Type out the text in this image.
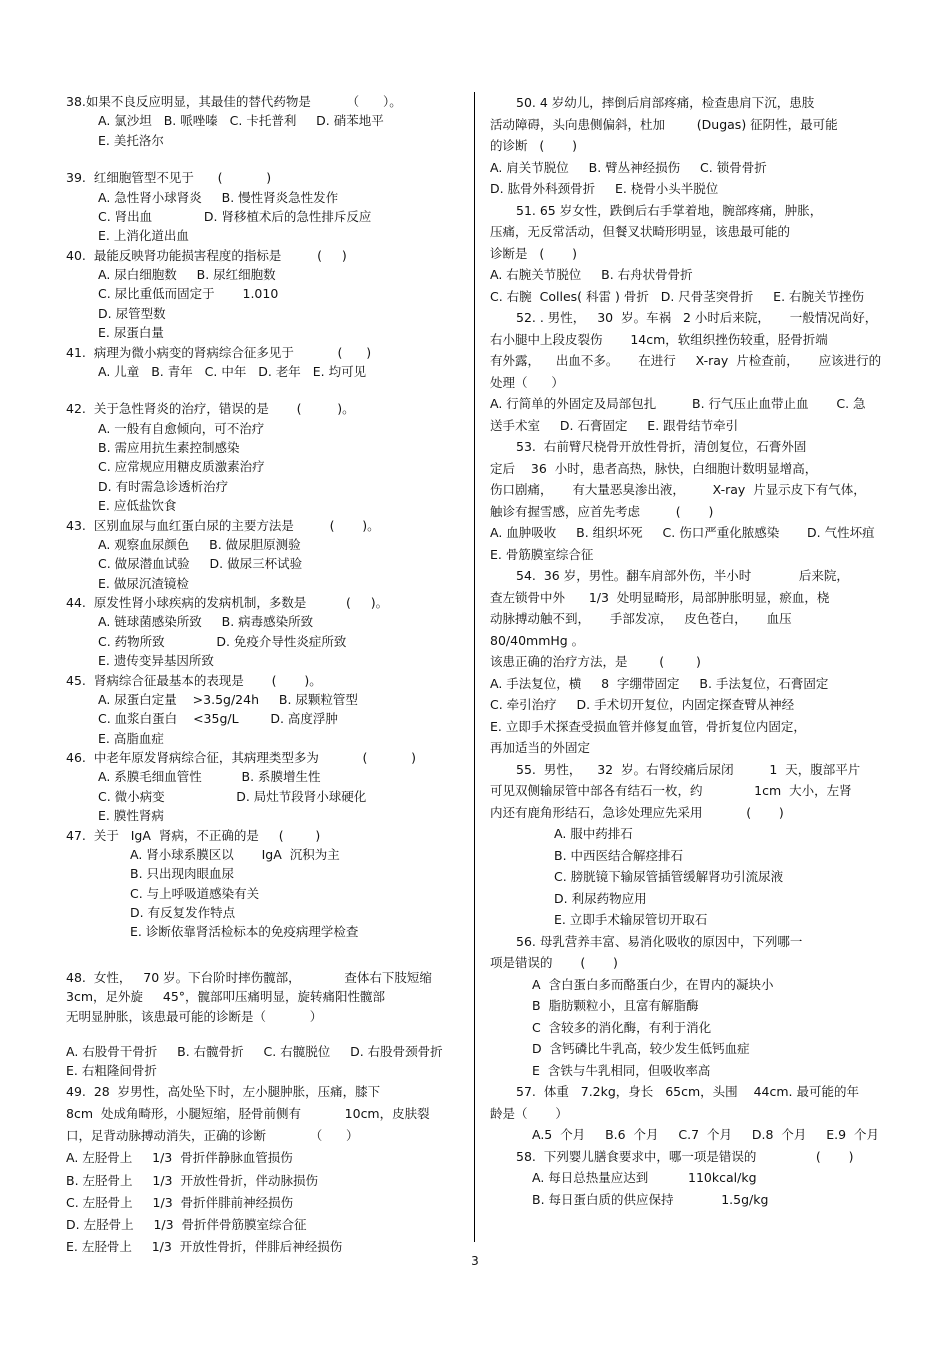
38.如果不良反应明显，其最佳的替代药物是         （      ）。
A. 氯沙坦   B. 哌唑嗪   C. 卡托普利     D. 硝苯地平
E. 美托洛尔
39.  红细胞管型不见于      (           )
A. 急性肾小球肾炎     B. 慢性肾炎急性发作
C. 肾出血             D. 肾移植术后的急性排斥反应
E. 上消化道出血
40.  最能反映肾功能损害程度的指标是         (     )
A. 尿白细胞数     B. 尿红细胞数
C. 尿比重低而固定于       1.010
D. 尿管型数
E. 尿蛋白量
41.  病理为微小病变的肾病综合征多见于           (      )
A. 儿童   B. 青年   C. 中年   D. 老年   E. 均可见
42.  关于急性肾炎的治疗，错误的是       (         )。
A. 一般有自愈倾向，可不治疗
B. 需应用抗生素控制感染
C. 应常规应用糖皮质激素治疗
D. 有时需急诊透析治疗
E. 应低盐饮食
43.  区别血尿与血红蛋白尿的主要方法是         (       )。
A. 观察血尿颜色     B. 做尿胆原测验
C. 做尿潜血试验     D. 做尿三杯试验
E. 做尿沉渣镜检
44.  原发性肾小球疾病的发病机制，多数是          (     )。
A. 链球菌感染所致     B. 病毒感染所致
C. 药物所致             D. 免疫介导性炎症所致
E. 遗传变异基因所致
45.  肾病综合征最基本的表现是       (       )。
A. 尿蛋白定量    >3.5g/24h     B. 尿颗粒管型
C. 血浆白蛋白    <35g/L        D. 高度浮肿
E. 高脂血症
46.  中老年原发肾病综合征，其病理类型多为           (           )
A. 系膜毛细血管性          B. 系膜增生性
C. 微小病变                  D. 局灶节段肾小球硬化
E. 膜性肾病
47.  关于   IgA  肾病，不正确的是     (        )
A. 肾小球系膜区以       IgA  沉积为主
B. 只出现肉眼血尿
C. 与上呼吸道感染有关
D. 有反复发作特点
E. 诊断依靠肾活检标本的免疫病理学检查
48.  女性，   70 岁。下台阶时摔伤髋部，           查体右下肢短缩
3cm，足外旋     45°，髋部叩压痛明显，旋转痛阳性髋部
无明显肿胀，该患最可能的诊断是（           ）
A. 右股骨干骨折     B. 右髋骨折     C. 右髋脱位     D. 右股骨颈骨折
E. 右粗隆间骨折
49.  28  岁男性，高处坠下时，左小腿肿胀，压痛，膝下
8cm  处成角畸形，小腿短缩，胫骨前侧有           10cm，皮肤裂
口，足背动脉搏动消失，正确的诊断           （      ）
A. 左胫骨上     1/3  骨折伴静脉血管损伤
B. 左胫骨上     1/3  开放性骨折，伴动脉损伤
C. 左胫骨上     1/3  骨折伴腓前神经损伤
D. 左胫骨上     1/3  骨折伴骨筋膜室综合征
E. 左胫骨上     1/3  开放性骨折，伴腓后神经损伤
50. 4 岁幼儿，摔倒后肩部疼痛，检查患肩下沉，患肢
活动障碍，头向患侧偏斜，杜加        (Dugas) 征阴性，最可能
的诊断   (       )
A. 肩关节脱位     B. 臂丛神经损伤     C. 锁骨骨折
D. 肱骨外科颈骨折     E. 桡骨小头半脱位
51. 65 岁女性，跌倒后右手掌着地，腕部疼痛，肿胀，
压痛，无反常活动，但餐叉状畸形明显，该患最可能的
诊断是   (       )
A. 右腕关节脱位     B. 右舟状骨骨折
C. 右腕  Colles( 科雷 ) 骨折   D. 尺骨茎突骨折     E. 右腕关节挫伤
52. . 男性，   30  岁。车祸   2 小时后来院，     一般情况尚好，
右小腿中上段皮裂伤       14cm，软组织挫伤较重，胫骨折端
有外露，    出血不多。     在进行     X-ray  片检查前，     应该进行的
处理（      ）
A. 行简单的外固定及局部包扎         B. 行气压止血带止血       C. 急
送手术室     D. 石膏固定     E. 跟骨结节牵引
53.  右前臂尺桡骨开放性骨折，清创复位，石膏外固
定后    36  小时，患者高热，脉快，白细胞计数明显增高，
伤口剧痛，     有大量恶臭渗出液，       X-ray  片显示皮下有气体，
触诊有握雪感，应首先考虑         (       )
A. 血肿吸收     B. 组织坏死     C. 伤口严重化脓感染       D. 气性坏疽
E. 骨筋膜室综合征
54.  36 岁，男性。翻车肩部外伤，半小时            后来院，
查左锁骨中外      1/3  处明显畸形，局部肿胀明显，瘀血，桡
动脉搏动触不到，     手部发凉，   皮色苍白，     血压     80/40mmHg 。
该患正确的治疗方法，是        (        )
A. 手法复位，横     8  字绷带固定     B. 手法复位，石膏固定
C. 牵引治疗     D. 手术切开复位，内固定探查臂从神经
E. 立即手术探查受损血管并修复血管，骨折复位内固定，
再加适当的外固定
55.  男性，    32  岁。右肾绞痛后尿闭         1  天，腹部平片
可见双侧输尿管中部各有结石一枚，约             1cm  大小，左肾
内还有鹿角形结石，急诊处理应先采用           (       )
A. 服中药排石
B. 中西医结合解痉排石
C. 膀胱镜下输尿管插管缓解肾功引流尿液
D. 利尿药物应用
E. 立即手术输尿管切开取石
56. 母乳营养丰富、易消化吸收的原因中，下列哪一
项是错误的       (       )
A  含白蛋白多而酪蛋白少，在胃内的凝块小
B  脂肪颗粒小，且富有解脂酶
C  含较多的消化酶，有利于消化
D  含钙磷比牛乳高，较少发生低钙血症
E  含铁与牛乳相同，但吸收率高
57.  体重   7.2kg，身长   65cm，头围    44cm. 最可能的年
龄是（       ）
A.5  个月     B.6  个月     C.7  个月     D.8  个月     E.9  个月
58.  下列婴儿膳食要求中，哪一项是错误的               (       )
A. 每日总热量应达到          110kcal/kg
B. 每日蛋白质的供应保持            1.5g/kg
3
